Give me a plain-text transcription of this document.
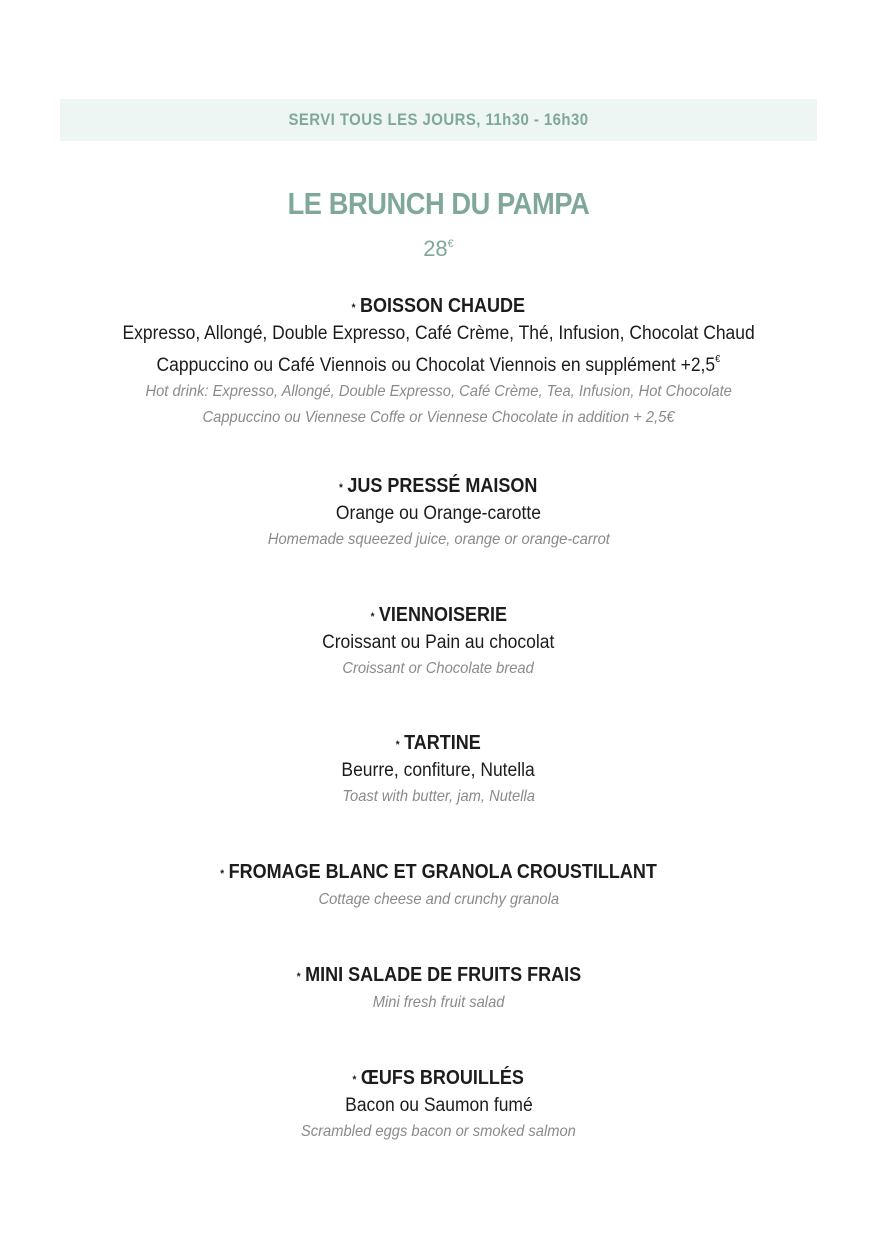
SERVI TOUS LES JOURS, 11h30 - 16h30
LE BRUNCH DU PAMPA
28€
* BOISSON CHAUDE
Expresso, Allongé, Double Expresso, Café Crème, Thé, Infusion, Chocolat Chaud
Cappuccino ou Café Viennois ou Chocolat Viennois en supplément +2,5€
Hot drink: Expresso, Allongé, Double Expresso, Café Crème, Tea, Infusion, Hot Chocolate
Cappuccino ou Viennese Coffe or Viennese Chocolate in addition + 2,5€
* JUS PRESSÉ MAISON
Orange ou Orange-carotte
Homemade squeezed juice, orange or orange-carrot
* VIENNOISERIE
Croissant ou Pain au chocolat
Croissant or Chocolate bread
* TARTINE
Beurre, confiture, Nutella
Toast with butter, jam, Nutella
* FROMAGE BLANC ET GRANOLA CROUSTILLANT
Cottage cheese and crunchy granola
* MINI SALADE DE FRUITS FRAIS
Mini fresh fruit salad
* ŒUFS BROUILLÉS
Bacon ou Saumon fumé
Scrambled eggs bacon or smoked salmon
